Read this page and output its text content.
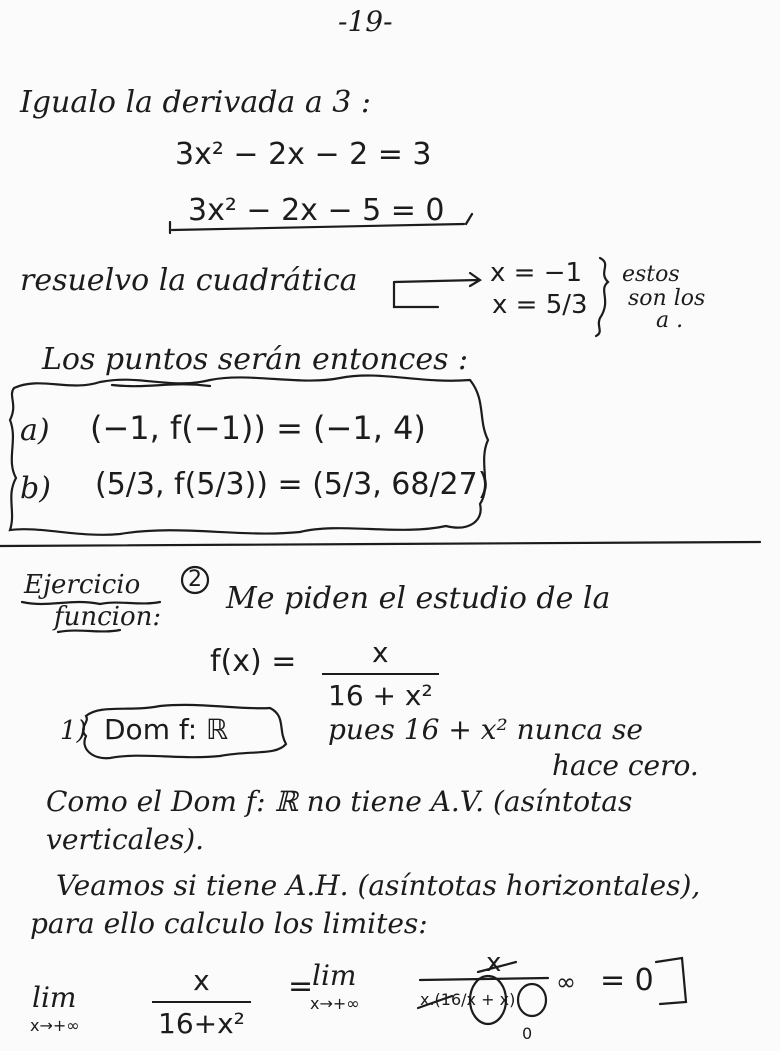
-19-
Igualo la derivada a 3 :
3x² − 2x − 2 = 3
3x² − 2x − 5 = 0
resuelvo la cuadrática	x = −1
x = 5/3
estos
son los
a .
Los puntos serán entonces :
a) (−1, f(−1)) = (−1, 4)
b) (5/3, f(5/3)) = (5/3, 68/27)
Ejercicio 2
Me piden el estudio de la
funcion:
$f(x) = \frac{x}{\text{16 + x²}}$
1) Dom f: ℝ	pues 16 + x² nunca se
hace cero.
Como el Dom f: ℝ no tiene A.V. (asíntotas
verticales).
Veamos si tiene A.H. (asíntotas horizontales),
para ello calculo los limites:
lim
x→+∞	$\frac{x}{\text{16+x²}}$ =
lim
x→+∞
x
x.(16/x + x)
∞
0
= 0
